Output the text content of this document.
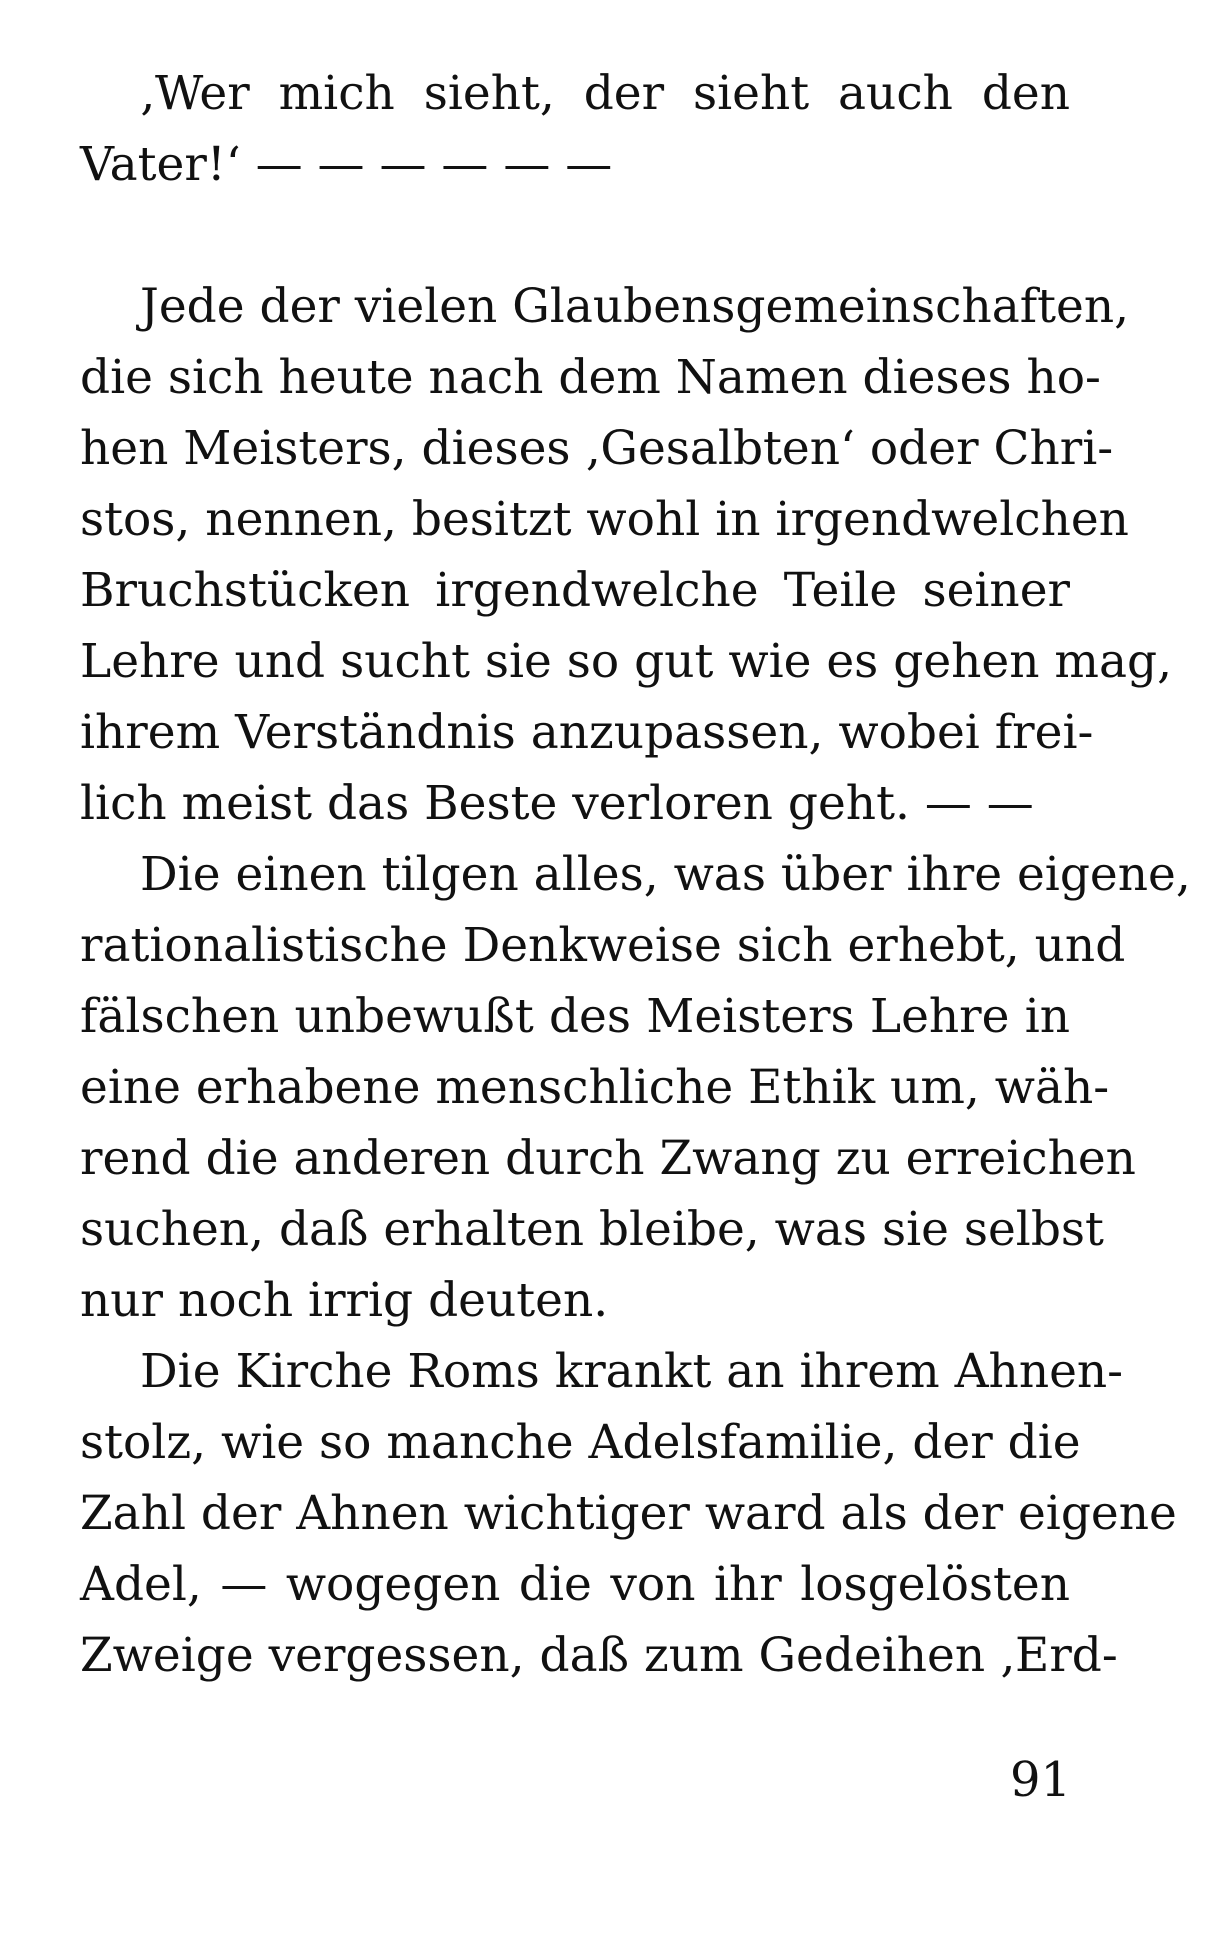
‚Wer mich sieht, der sieht auch den
Vater!‘ — — — — — —
Jede der vielen Glaubensgemeinschaften,
die sich heute nach dem Namen dieses ho-
hen Meisters, dieses ‚Gesalbten‘ oder Chri-
stos, nennen, besitzt wohl in irgendwelchen
Bruchstücken irgendwelche Teile seiner
Lehre und sucht sie so gut wie es gehen mag,
ihrem Verständnis anzupassen, wobei frei-
lich meist das Beste verloren geht. — —
Die einen tilgen alles, was über ihre eigene,
rationalistische Denkweise sich erhebt, und
fälschen unbewußt des Meisters Lehre in
eine erhabene menschliche Ethik um, wäh-
rend die anderen durch Zwang zu erreichen
suchen, daß erhalten bleibe, was sie selbst
nur noch irrig deuten.
Die Kirche Roms krankt an ihrem Ahnen-
stolz, wie so manche Adelsfamilie, der die
Zahl der Ahnen wichtiger ward als der eigene
Adel, — wogegen die von ihr losgelösten
Zweige vergessen, daß zum Gedeihen ‚Erd-
91
